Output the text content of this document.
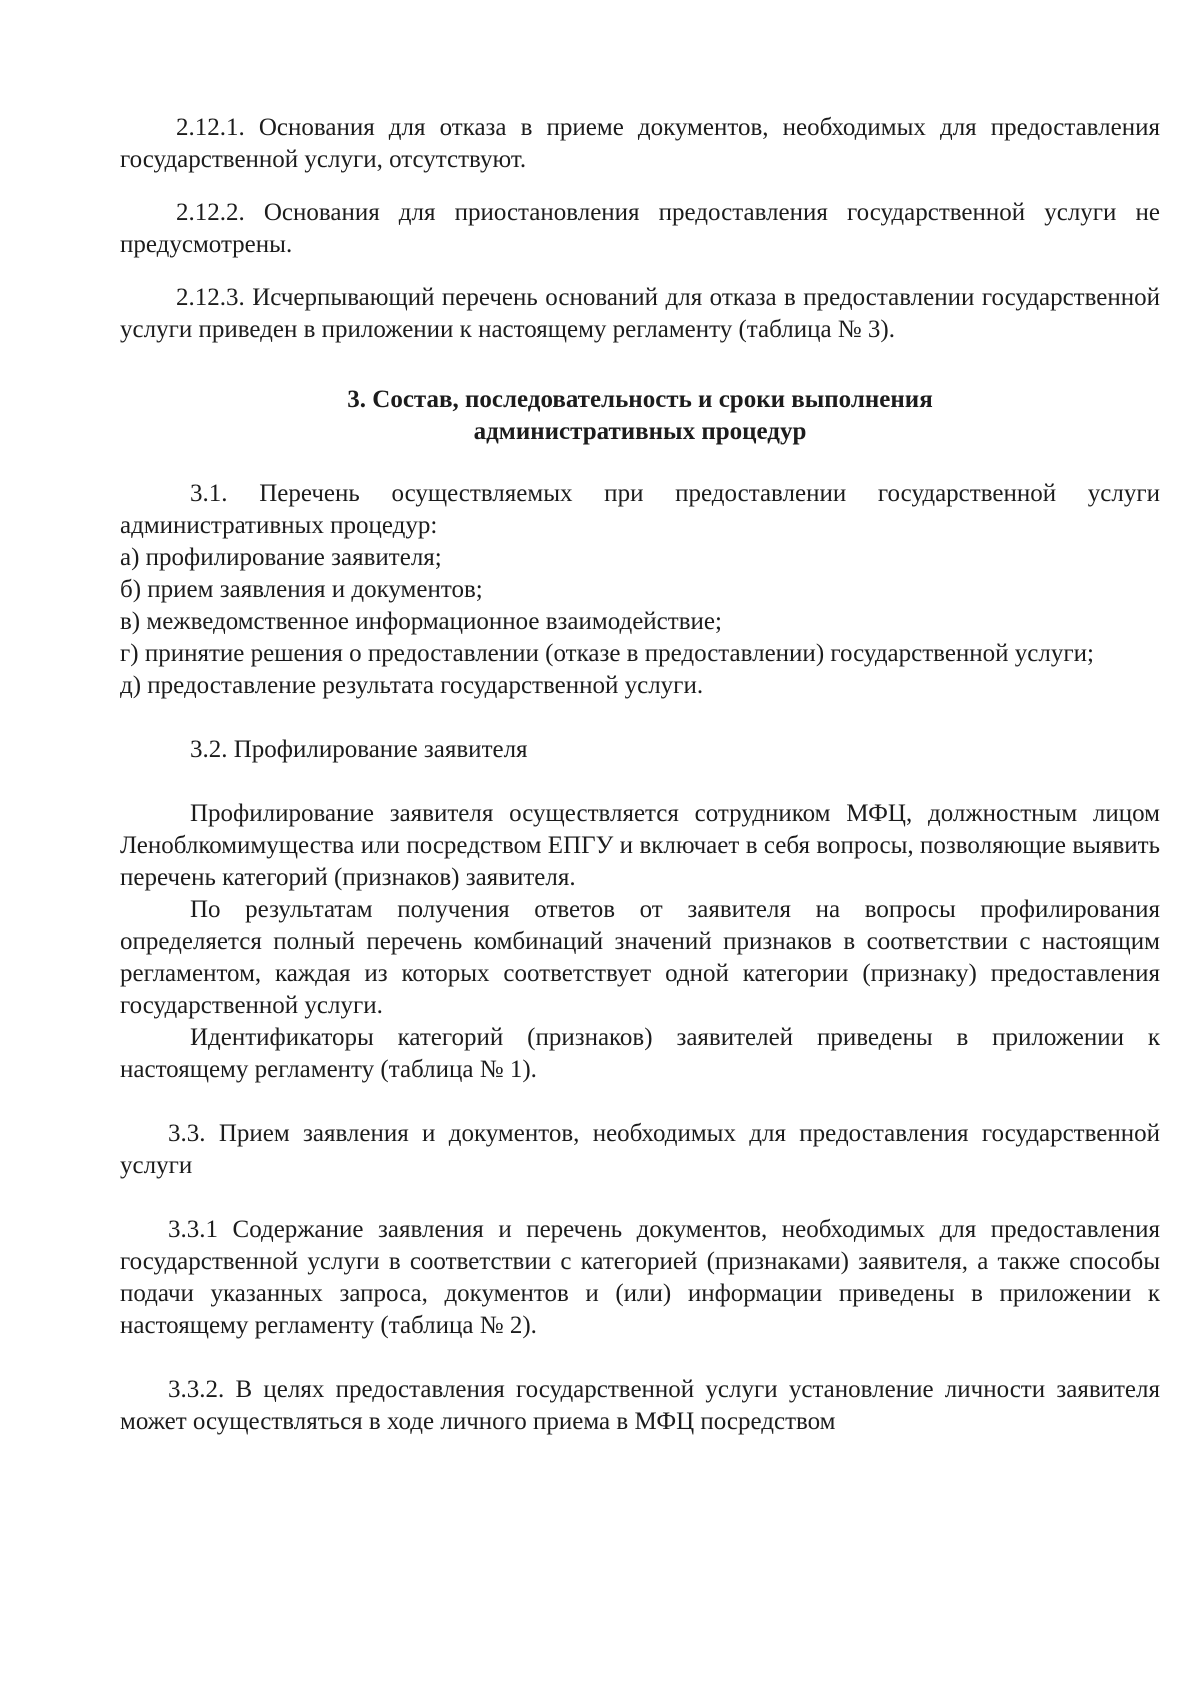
2.12.1. Основания для отказа в приеме документов, необходимых для предоставления государственной услуги, отсутствуют.

2.12.2. Основания для приостановления предоставления государственной услуги не предусмотрены.

2.12.3. Исчерпывающий перечень оснований для отказа в предоставлении государственной услуги приведен в приложении к настоящему регламенту (таблица № 3).

3. Состав, последовательность и сроки выполнения
административных процедур

3.1. Перечень осуществляемых при предоставлении государственной услуги административных процедур:

а) профилирование заявителя;

б) прием заявления и документов;

в) межведомственное информационное взаимодействие;

г) принятие решения о предоставлении (отказе в предоставлении) государственной услуги;

д) предоставление результата государственной услуги.

3.2. Профилирование заявителя

Профилирование заявителя осуществляется сотрудником МФЦ, должностным лицом Леноблкомимущества или посредством ЕПГУ и включает в себя вопросы, позволяющие выявить перечень категорий (признаков) заявителя.

По результатам получения ответов от заявителя на вопросы профилирования определяется полный перечень комбинаций значений признаков в соответствии с настоящим регламентом, каждая из которых соответствует одной категории (признаку) предоставления государственной услуги.

Идентификаторы категорий (признаков) заявителей приведены в приложении к настоящему регламенту (таблица № 1).

3.3. Прием заявления и документов, необходимых для предоставления государственной услуги

3.3.1 Содержание заявления и перечень документов, необходимых для предоставления государственной услуги в соответствии с категорией (признаками) заявителя, а также способы подачи указанных запроса, документов и (или) информации приведены в приложении к настоящему регламенту (таблица № 2).

3.3.2. В целях предоставления государственной услуги установление личности заявителя может осуществляться в ходе личного приема в МФЦ посредством
